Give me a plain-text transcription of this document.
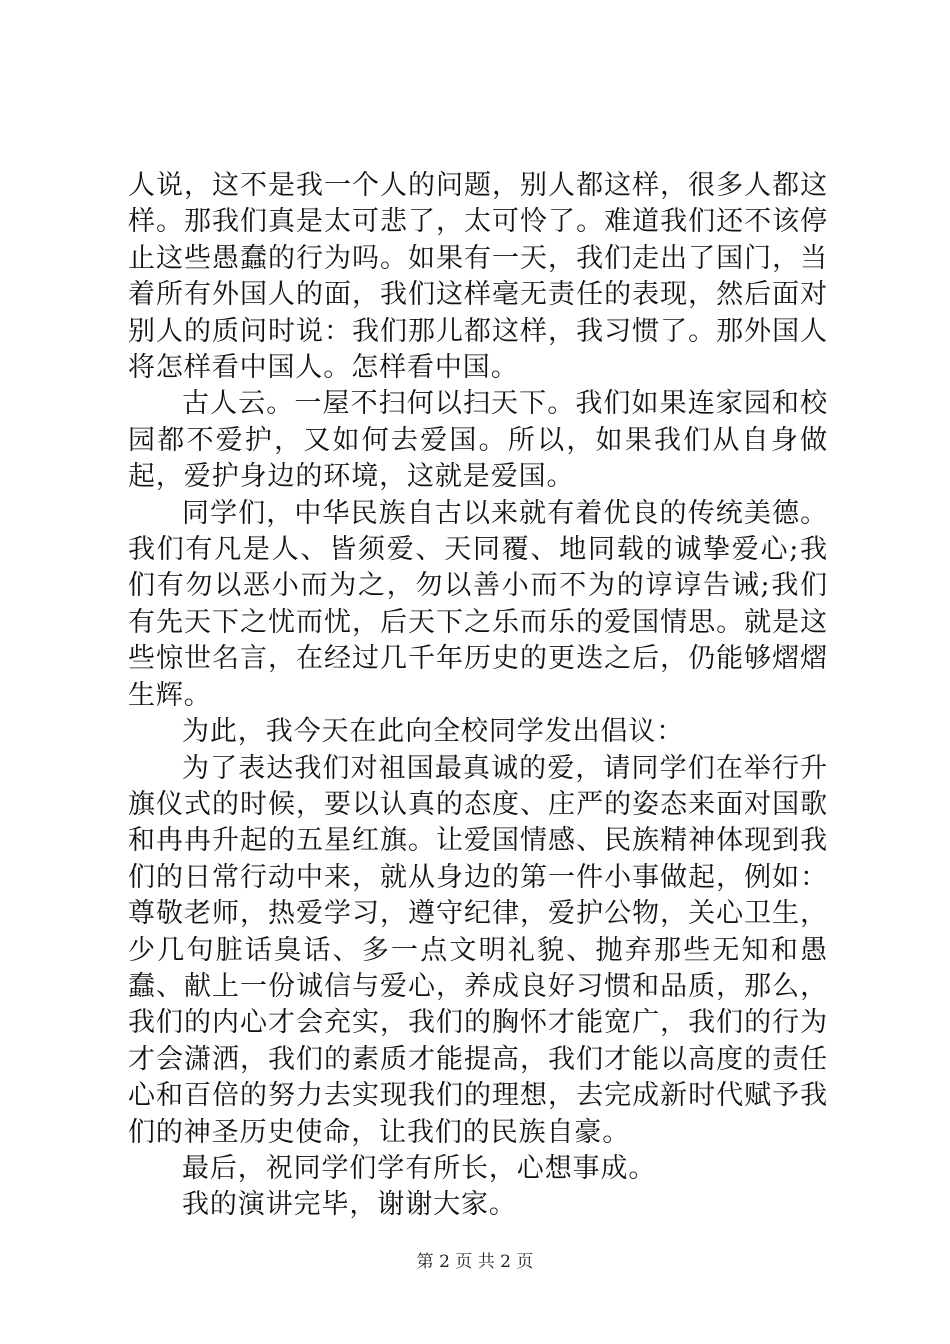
人说，这不是我一个人的问题，别人都这样，很多人都这样。那我们真是太可悲了，太可怜了。难道我们还不该停止这些愚蠢的行为吗。如果有一天，我们走出了国门，当着所有外国人的面，我们这样毫无责任的表现，然后面对别人的质问时说：我们那儿都这样，我习惯了。那外国人将怎样看中国人。怎样看中国。

古人云。一屋不扫何以扫天下。我们如果连家园和校园都不爱护，又如何去爱国。所以，如果我们从自身做起，爱护身边的环境，这就是爱国。

同学们，中华民族自古以来就有着优良的传统美德。我们有凡是人、皆须爱、天同覆、地同载的诚挚爱心;我们有勿以恶小而为之，勿以善小而不为的谆谆告诫;我们有先天下之忧而忧，后天下之乐而乐的爱国情思。就是这些惊世名言，在经过几千年历史的更迭之后，仍能够熠熠生辉。

为此，我今天在此向全校同学发出倡议：

为了表达我们对祖国最真诚的爱，请同学们在举行升旗仪式的时候，要以认真的态度、庄严的姿态来面对国歌和冉冉升起的五星红旗。让爱国情感、民族精神体现到我们的日常行动中来，就从身边的第一件小事做起，例如：尊敬老师，热爱学习，遵守纪律，爱护公物，关心卫生，少几句脏话臭话、多一点文明礼貌、抛弃那些无知和愚蠢、献上一份诚信与爱心，养成良好习惯和品质，那么，我们的内心才会充实，我们的胸怀才能宽广，我们的行为才会潇洒，我们的素质才能提高，我们才能以高度的责任心和百倍的努力去实现我们的理想，去完成新时代赋予我们的神圣历史使命，让我们的民族自豪。

最后，祝同学们学有所长，心想事成。

我的演讲完毕，谢谢大家。

第 2 页 共 2 页
